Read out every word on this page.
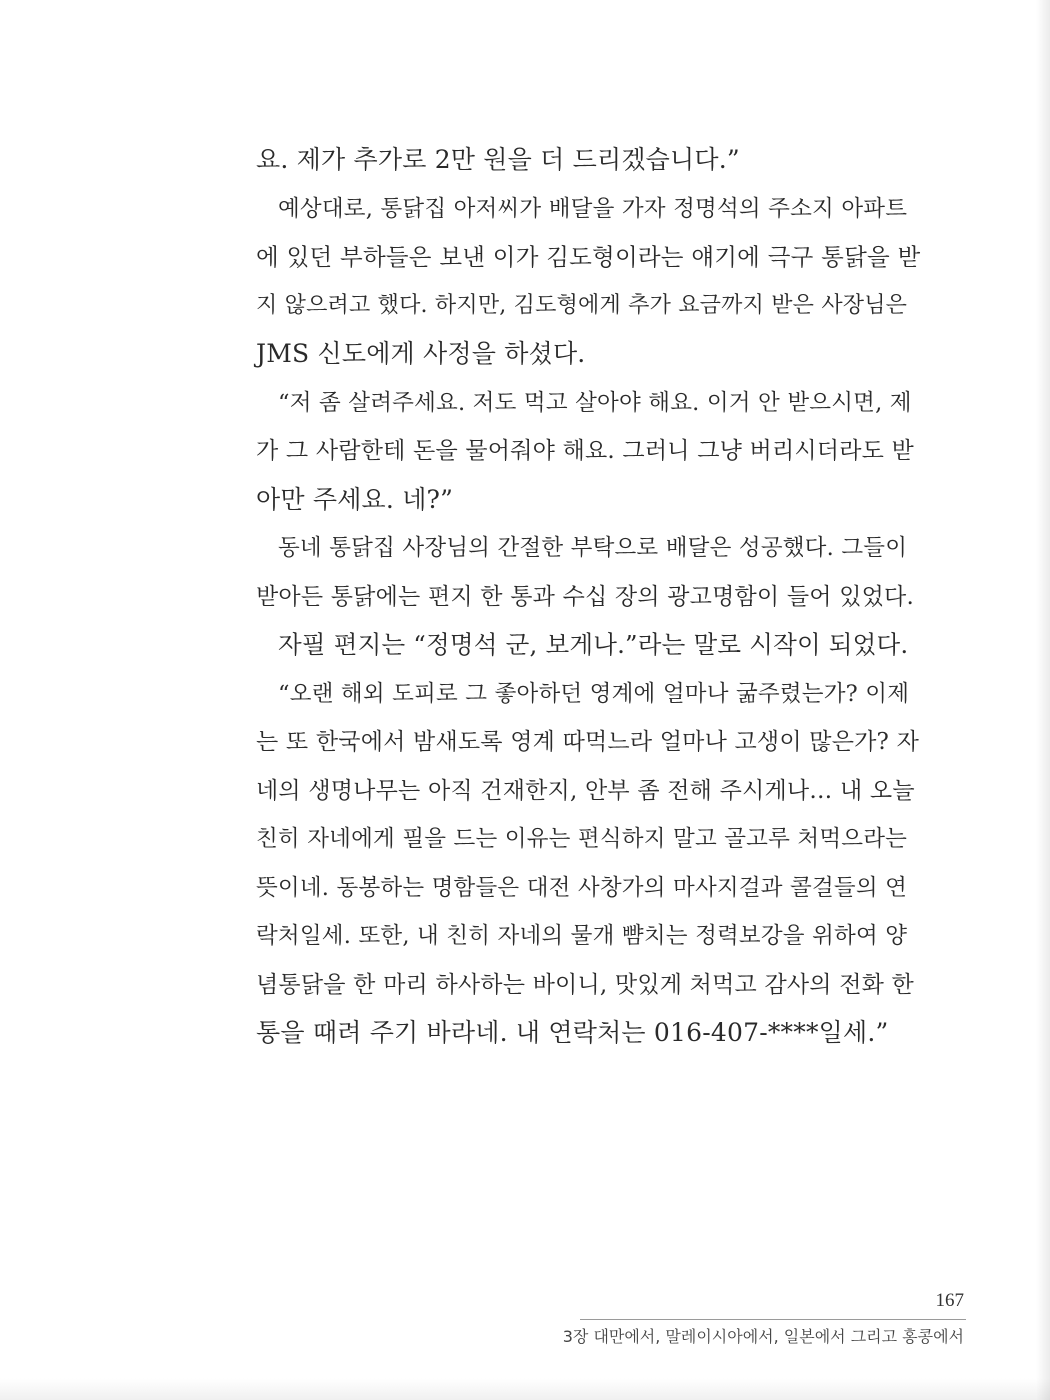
요. 제가 추가로 2만 원을 더 드리겠습니다.”
예상대로, 통닭집 아저씨가 배달을 가자 정명석의 주소지 아파트
에 있던 부하들은 보낸 이가 김도형이라는 얘기에 극구 통닭을 받
지 않으려고 했다. 하지만, 김도형에게 추가 요금까지 받은 사장님은
JMS 신도에게 사정을 하셨다.
“저 좀 살려주세요. 저도 먹고 살아야 해요. 이거 안 받으시면, 제
가 그 사람한테 돈을 물어줘야 해요. 그러니 그냥 버리시더라도 받
아만 주세요. 네?”
동네 통닭집 사장님의 간절한 부탁으로 배달은 성공했다. 그들이
받아든 통닭에는 편지 한 통과 수십 장의 광고명함이 들어 있었다.
자필 편지는 “정명석 군, 보게나.”라는 말로 시작이 되었다.
“오랜 해외 도피로 그 좋아하던 영계에 얼마나 굶주렸는가? 이제
는 또 한국에서 밤새도록 영계 따먹느라 얼마나 고생이 많은가? 자
네의 생명나무는 아직 건재한지, 안부 좀 전해 주시게나… 내 오늘
친히 자네에게 필을 드는 이유는 편식하지 말고 골고루 처먹으라는
뜻이네. 동봉하는 명함들은 대전 사창가의 마사지걸과 콜걸들의 연
락처일세. 또한, 내 친히 자네의 물개 뺨치는 정력보강을 위하여 양
념통닭을 한 마리 하사하는 바이니, 맛있게 처먹고 감사의 전화 한
통을 때려 주기 바라네. 내 연락처는 016-407-****일세.”
167
3장 대만에서, 말레이시아에서, 일본에서 그리고 홍콩에서
